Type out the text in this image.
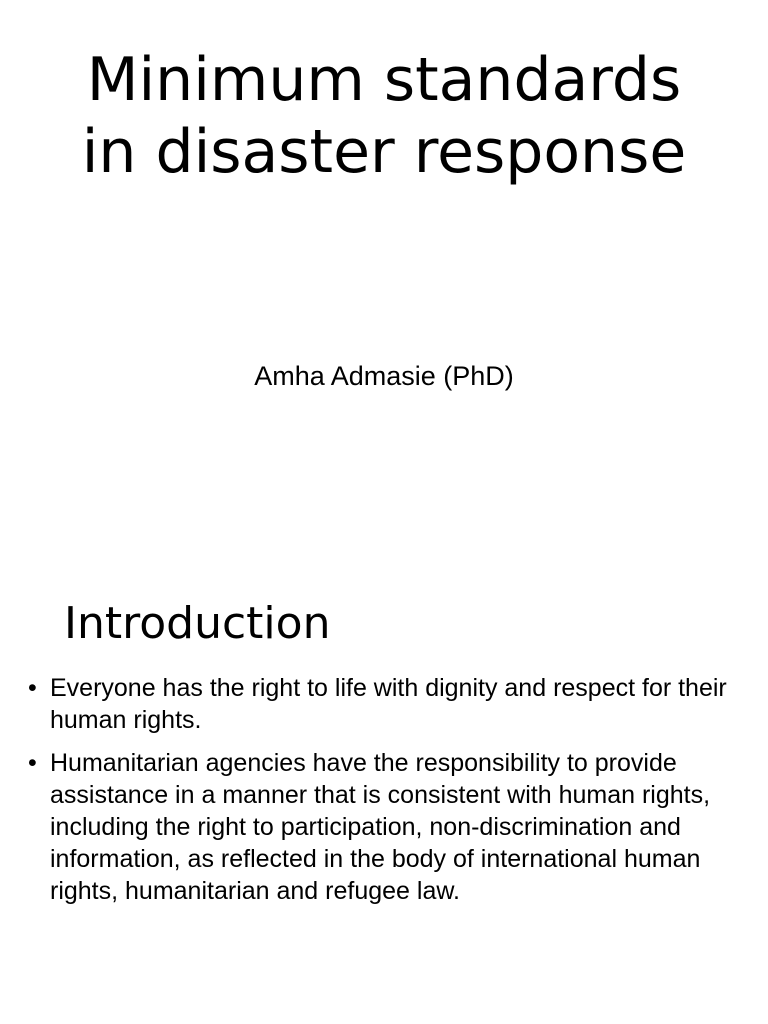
Minimum standards
in disaster response

Amha Admasie (PhD)

Introduction
• Everyone has the right to life with dignity and respect for their human rights.
• Humanitarian agencies have the responsibility to provide assistance in a manner that is consistent with human rights, including the right to participation, non-discrimination and information, as reflected in the body of international human rights, humanitarian and refugee law.
